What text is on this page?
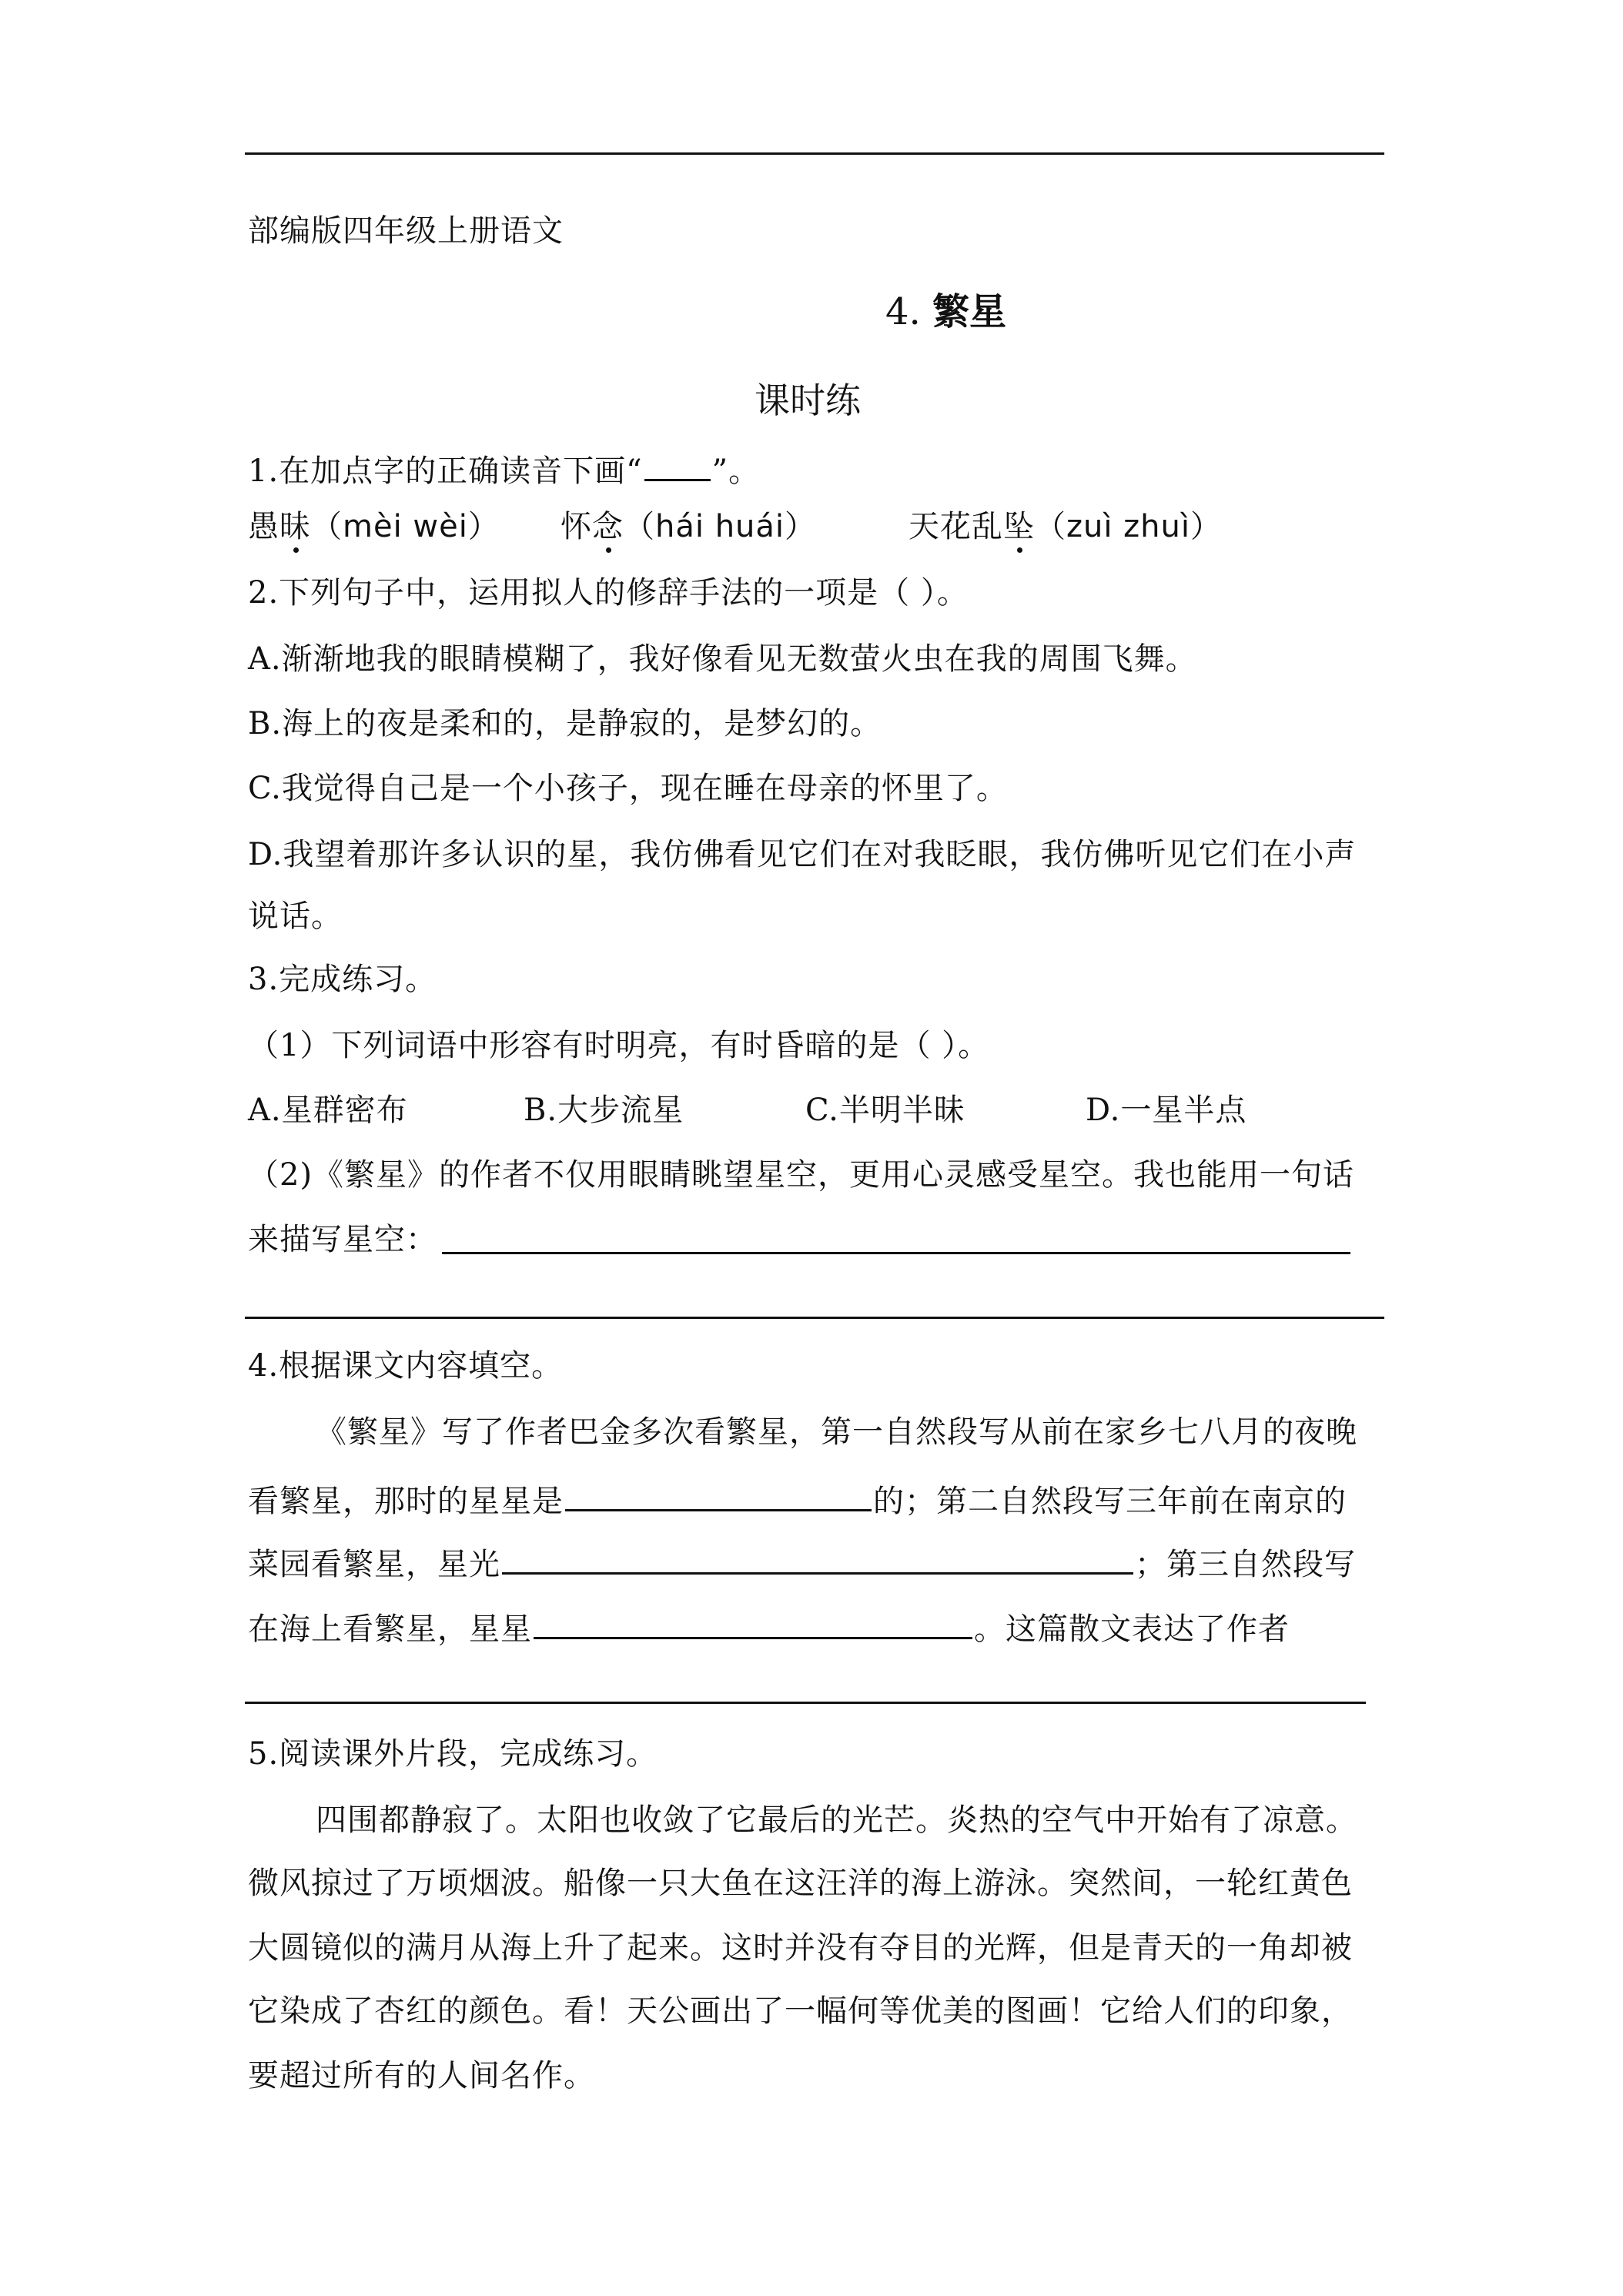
部编版四年级上册语文
4. 繁星
课时练
1.在加点字的正确读音下画“ ”。
愚昧（mèi wèi） 怀念（hái huái）	天花乱坠（zuì zhuì）
2.下列句子中，运用拟人的修辞手法的一项是（ ）。
A.渐渐地我的眼睛模糊了，我好像看见无数萤火虫在我的周围飞舞。
B.海上的夜是柔和的，是静寂的，是梦幻的。
C.我觉得自己是一个小孩子，现在睡在母亲的怀里了。
D.我望着那许多认识的星，我仿佛看见它们在对我眨眼，我仿佛听见它们在小声
说话。
3.完成练习。
（1）下列词语中形容有时明亮，有时昏暗的是（ ）。
A.星群密布	B.大步流星	C.半明半昧	D.一星半点
（2)《繁星》的作者不仅用眼睛眺望星空，更用心灵感受星空。我也能用一句话
来描写星空：
4.根据课文内容填空。
《繁星》写了作者巴金多次看繁星，第一自然段写从前在家乡七八月的夜晚
看繁星，那时的星星是	的；第二自然段写三年前在南京的
菜园看繁星，星光	；第三自然段写
在海上看繁星，星星	。这篇散文表达了作者
5.阅读课外片段，完成练习。
四围都静寂了。太阳也收敛了它最后的光芒。炎热的空气中开始有了凉意。
微风掠过了万顷烟波。船像一只大鱼在这汪洋的海上游泳。突然间，一轮红黄色
大圆镜似的满月从海上升了起来。这时并没有夺目的光辉，但是青天的一角却被
它染成了杏红的颜色。看！天公画出了一幅何等优美的图画！它给人们的印象，
要超过所有的人间名作。
